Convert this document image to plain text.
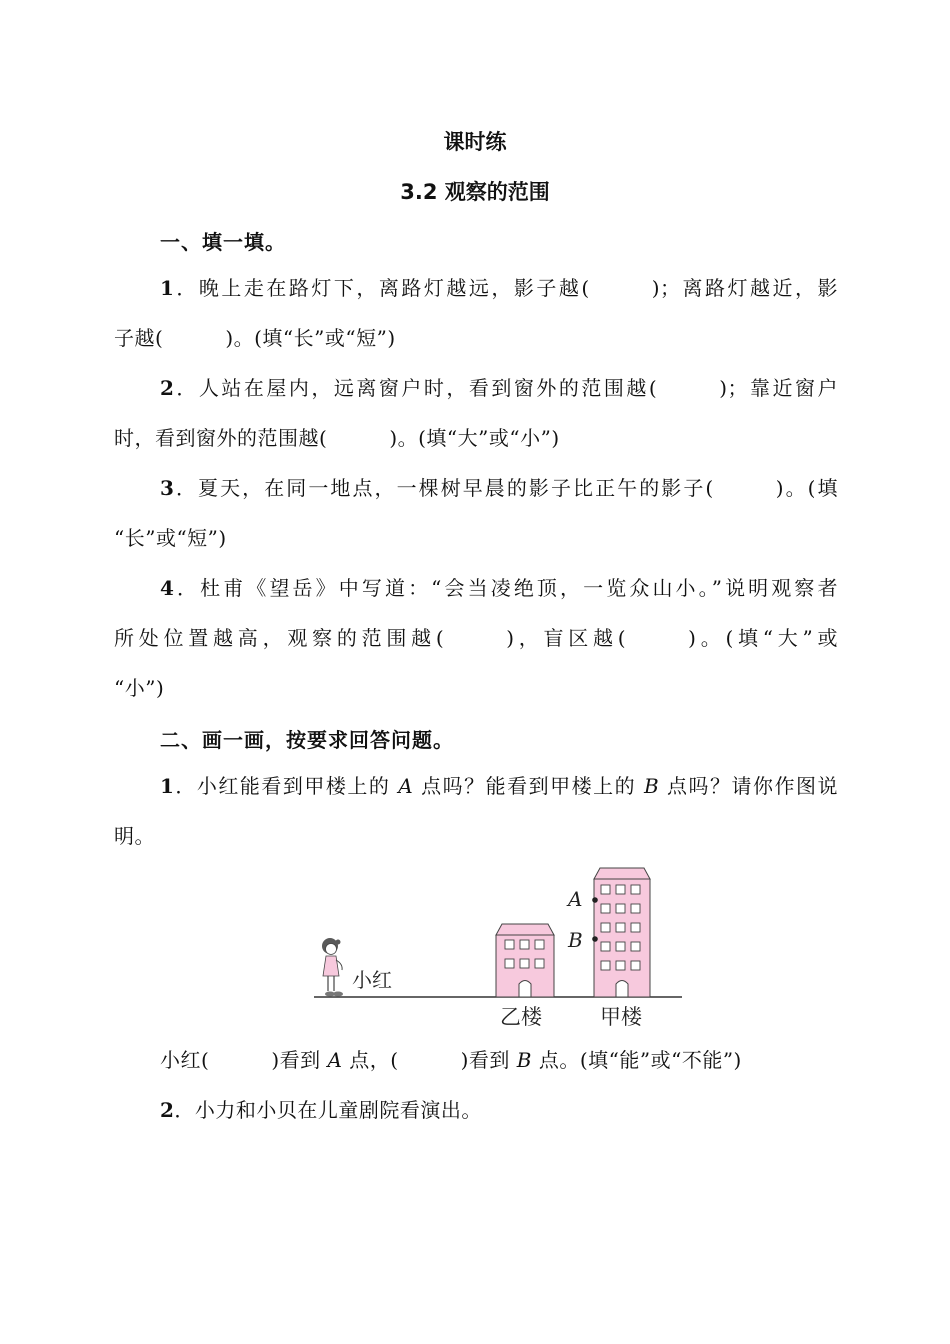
课时练
3.2 观察的范围
一、填一填。
1．晚上走在路灯下，离路灯越远，影子越(	)；离路灯越近，影
子越(	)。(填“长”或“短”)
2．人站在屋内，远离窗户时，看到窗外的范围越(	)；靠近窗户
时，看到窗外的范围越(	)。(填“大”或“小”)
3．夏天，在同一地点，一棵树早晨的影子比正午的影子(	)。(填
“长”或“短”)
4．杜甫《望岳》中写道：“会当凌绝顶，一览众山小。”说明观察者
所处位置越高，观察的范围越(	)，盲区越(	)。(填“大”或
“小”)
二、画一画，按要求回答问题。
1．小红能看到甲楼上的 A 点吗？能看到甲楼上的 B 点吗？请你作图说
明。
小红
A
B
乙楼	甲楼
小红(	)看到 A 点，(	)看到 B 点。(填“能”或“不能”)
2．小力和小贝在儿童剧院看演出。
